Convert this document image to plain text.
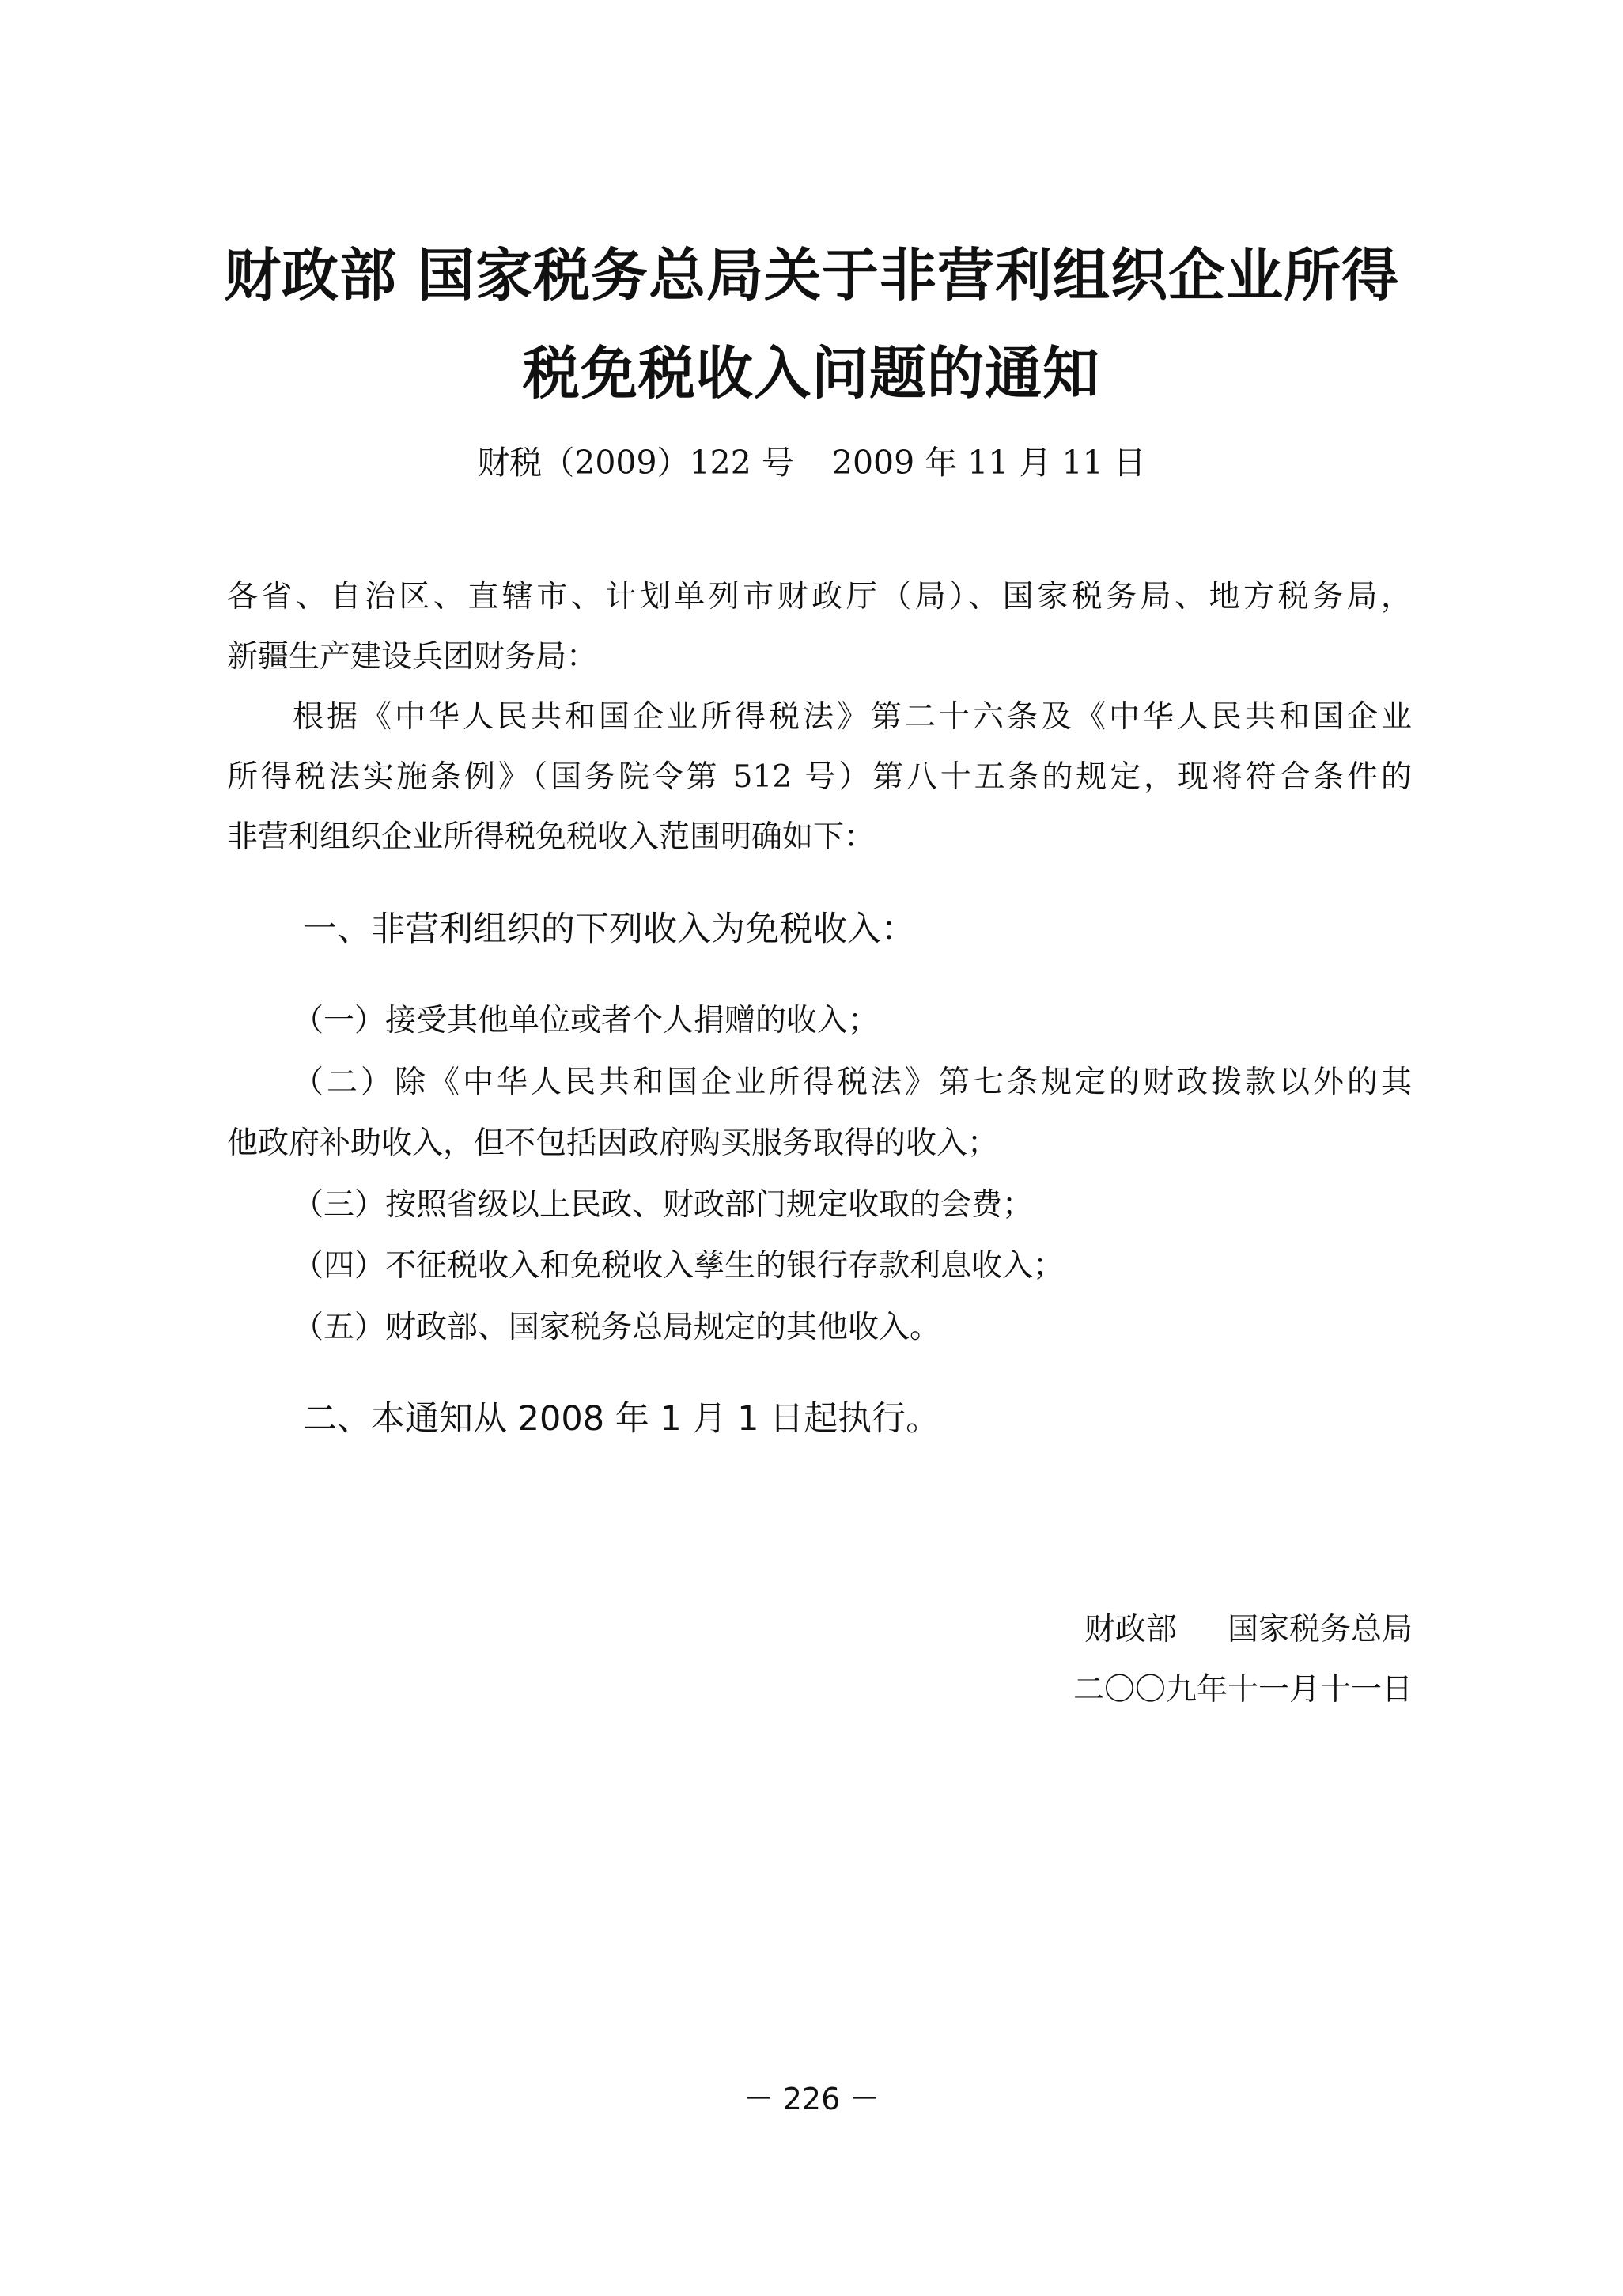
财政部 国家税务总局关于非营利组织企业所得
税免税收入问题的通知
财税（2009）122 号 2009 年 11 月 11 日
各省、自治区、直辖市、计划单列市财政厅（局）、国家税务局、地方税务局，
新疆生产建设兵团财务局：
根据《中华人民共和国企业所得税法》第二十六条及《中华人民共和国企业
所得税法实施条例》（国务院令第 512 号）第八十五条的规定，现将符合条件的
非营利组织企业所得税免税收入范围明确如下：
一、非营利组织的下列收入为免税收入：
（一）接受其他单位或者个人捐赠的收入；
（二）除《中华人民共和国企业所得税法》第七条规定的财政拨款以外的其
他政府补助收入，但不包括因政府购买服务取得的收入；
（三）按照省级以上民政、财政部门规定收取的会费；
（四）不征税收入和免税收入孳生的银行存款利息收入；
（五）财政部、国家税务总局规定的其他收入。
二、本通知从 2008 年 1 月 1 日起执行。
财政部 国家税务总局
二〇〇九年十一月十一日
－ 226 －
